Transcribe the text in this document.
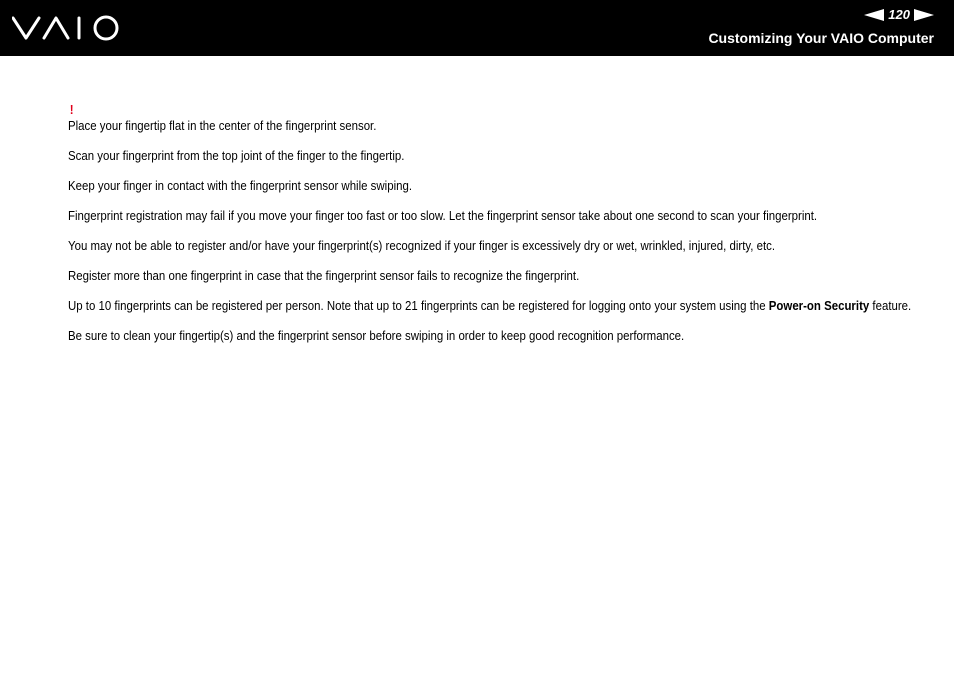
120
Customizing Your VAIO Computer
!

Place your fingertip flat in the center of the fingerprint sensor.

Scan your fingerprint from the top joint of the finger to the fingertip.

Keep your finger in contact with the fingerprint sensor while swiping.

Fingerprint registration may fail if you move your finger too fast or too slow. Let the fingerprint sensor take about one second to scan your fingerprint.

You may not be able to register and/or have your fingerprint(s) recognized if your finger is excessively dry or wet, wrinkled, injured, dirty, etc.

Register more than one fingerprint in case that the fingerprint sensor fails to recognize the fingerprint.

Up to 10 fingerprints can be registered per person. Note that up to 21 fingerprints can be registered for logging onto your system using the Power-on Security feature.

Be sure to clean your fingertip(s) and the fingerprint sensor before swiping in order to keep good recognition performance.
